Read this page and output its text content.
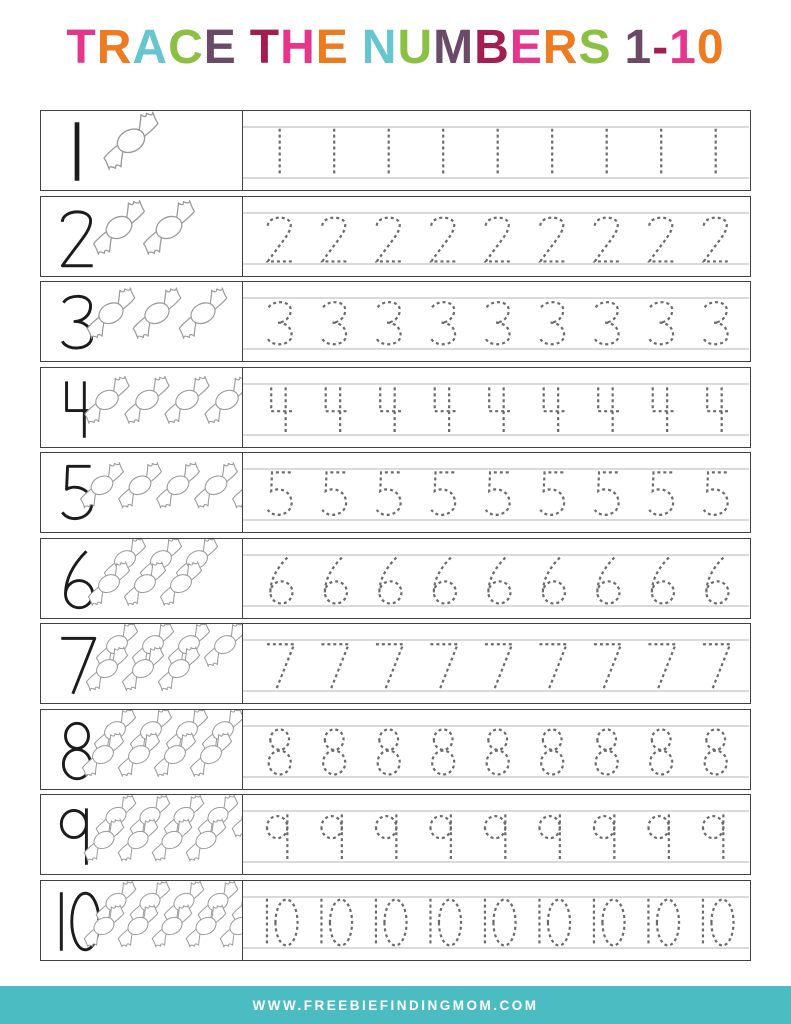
TRACE THE NUMBERS 1-10
WWW.FREEBIEFINDINGMOM.COM
